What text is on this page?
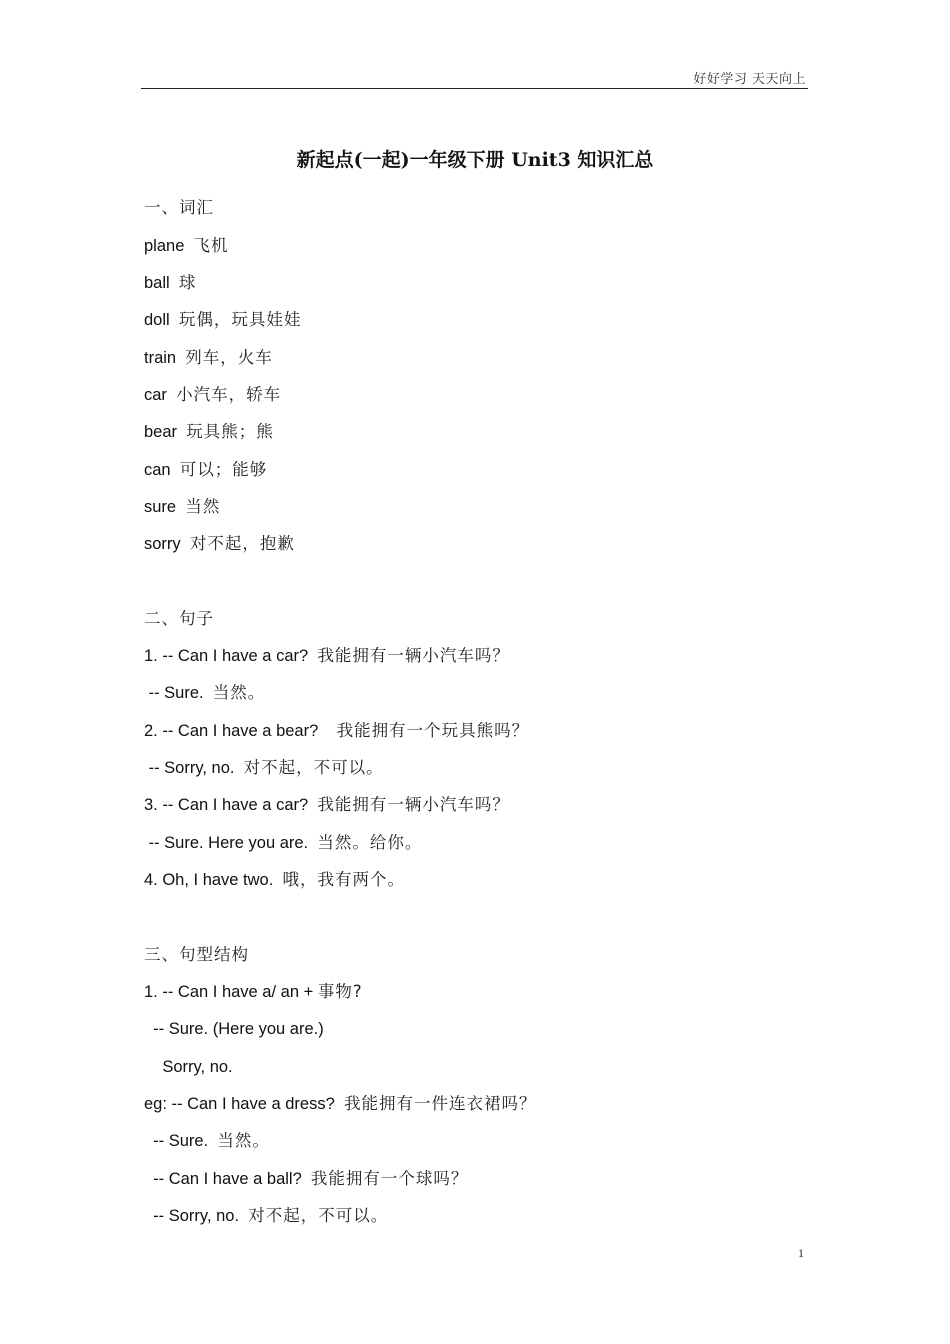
好好学习 天天向上
新起点(一起)一年级下册 Unit3 知识汇总
一、词汇
plane 飞机
ball 球
doll 玩偶，玩具娃娃
train 列车，火车
car 小汽车，轿车
bear 玩具熊；熊
can 可以；能够
sure 当然
sorry 对不起，抱歉
二、句子
1. -- Can I have a car? 我能拥有一辆小汽车吗？
-- Sure. 当然。
2. -- Can I have a bear?    我能拥有一个玩具熊吗？
-- Sorry, no. 对不起，不可以。
3. -- Can I have a car? 我能拥有一辆小汽车吗？
-- Sure. Here you are. 当然。给你。
4. Oh, I have two. 哦，我有两个。
三、句型结构
1. -- Can I have a/ an + 事物?
-- Sure. (Here you are.)
Sorry, no.
eg: -- Can I have a dress? 我能拥有一件连衣裙吗？
-- Sure. 当然。
-- Can I have a ball? 我能拥有一个球吗？
-- Sorry, no. 对不起，不可以。
1
